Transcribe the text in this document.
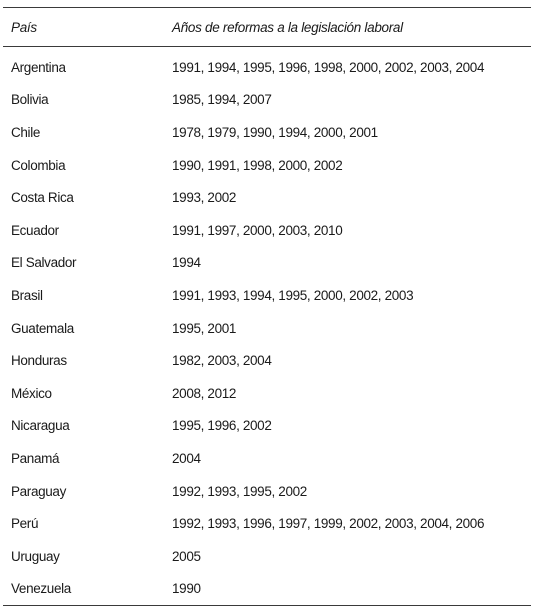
País	Años de reformas a la legislación laboral
Argentina	1991, 1994, 1995, 1996, 1998, 2000, 2002, 2003, 2004
Bolivia	1985, 1994, 2007
Chile	1978, 1979, 1990, 1994, 2000, 2001
Colombia	1990, 1991, 1998, 2000, 2002
Costa Rica	1993, 2002
Ecuador	1991, 1997, 2000, 2003, 2010
El Salvador	1994
Brasil	1991, 1993, 1994, 1995, 2000, 2002, 2003
Guatemala	1995, 2001
Honduras	1982, 2003, 2004
México	2008, 2012
Nicaragua	1995, 1996, 2002
Panamá	2004
Paraguay	1992, 1993, 1995, 2002
Perú	1992, 1993, 1996, 1997, 1999, 2002, 2003, 2004, 2006
Uruguay	2005
Venezuela	1990
